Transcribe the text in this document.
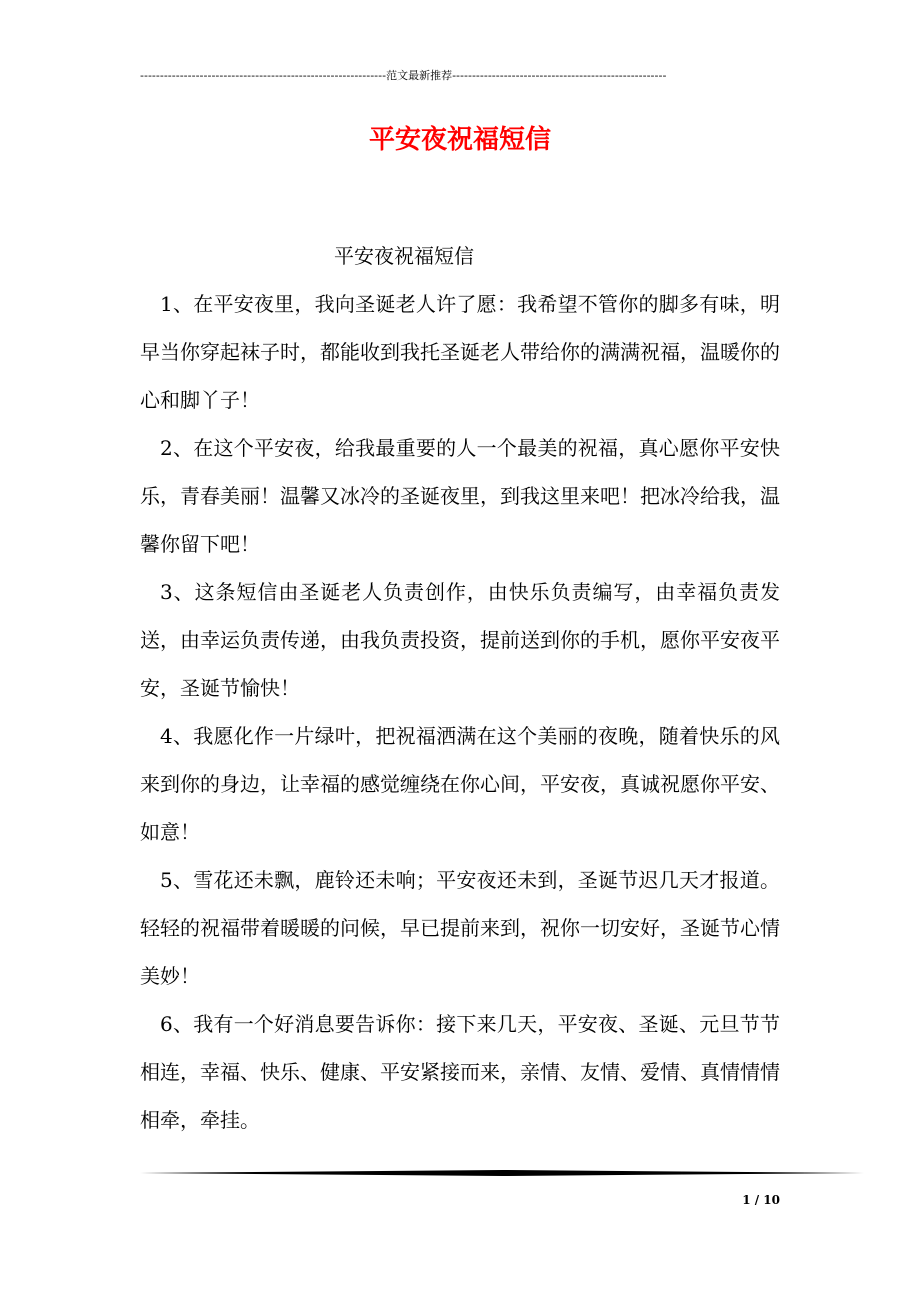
--------------------------------------------------------------范文最新推荐------------------------------------------------------
平安夜祝福短信

平安夜祝福短信

1、在平安夜里，我向圣诞老人许了愿：我希望不管你的脚多有味，明早当你穿起袜子时，都能收到我托圣诞老人带给你的满满祝福，温暖你的心和脚丫子！

2、在这个平安夜，给我最重要的人一个最美的祝福，真心愿你平安快乐，青春美丽！温馨又冰冷的圣诞夜里，到我这里来吧！把冰冷给我，温馨你留下吧！

3、这条短信由圣诞老人负责创作，由快乐负责编写，由幸福负责发送，由幸运负责传递，由我负责投资，提前送到你的手机，愿你平安夜平安，圣诞节愉快！

4、我愿化作一片绿叶，把祝福洒满在这个美丽的夜晚，随着快乐的风来到你的身边，让幸福的感觉缠绕在你心间，平安夜，真诚祝愿你平安、如意！

5、雪花还未飘，鹿铃还未响；平安夜还未到，圣诞节迟几天才报道。轻轻的祝福带着暖暖的问候，早已提前来到，祝你一切安好，圣诞节心情美妙！

6、我有一个好消息要告诉你：接下来几天，平安夜、圣诞、元旦节节相连，幸福、快乐、健康、平安紧接而来，亲情、友情、爱情、真情情情相牵，牵挂。

1 / 10
